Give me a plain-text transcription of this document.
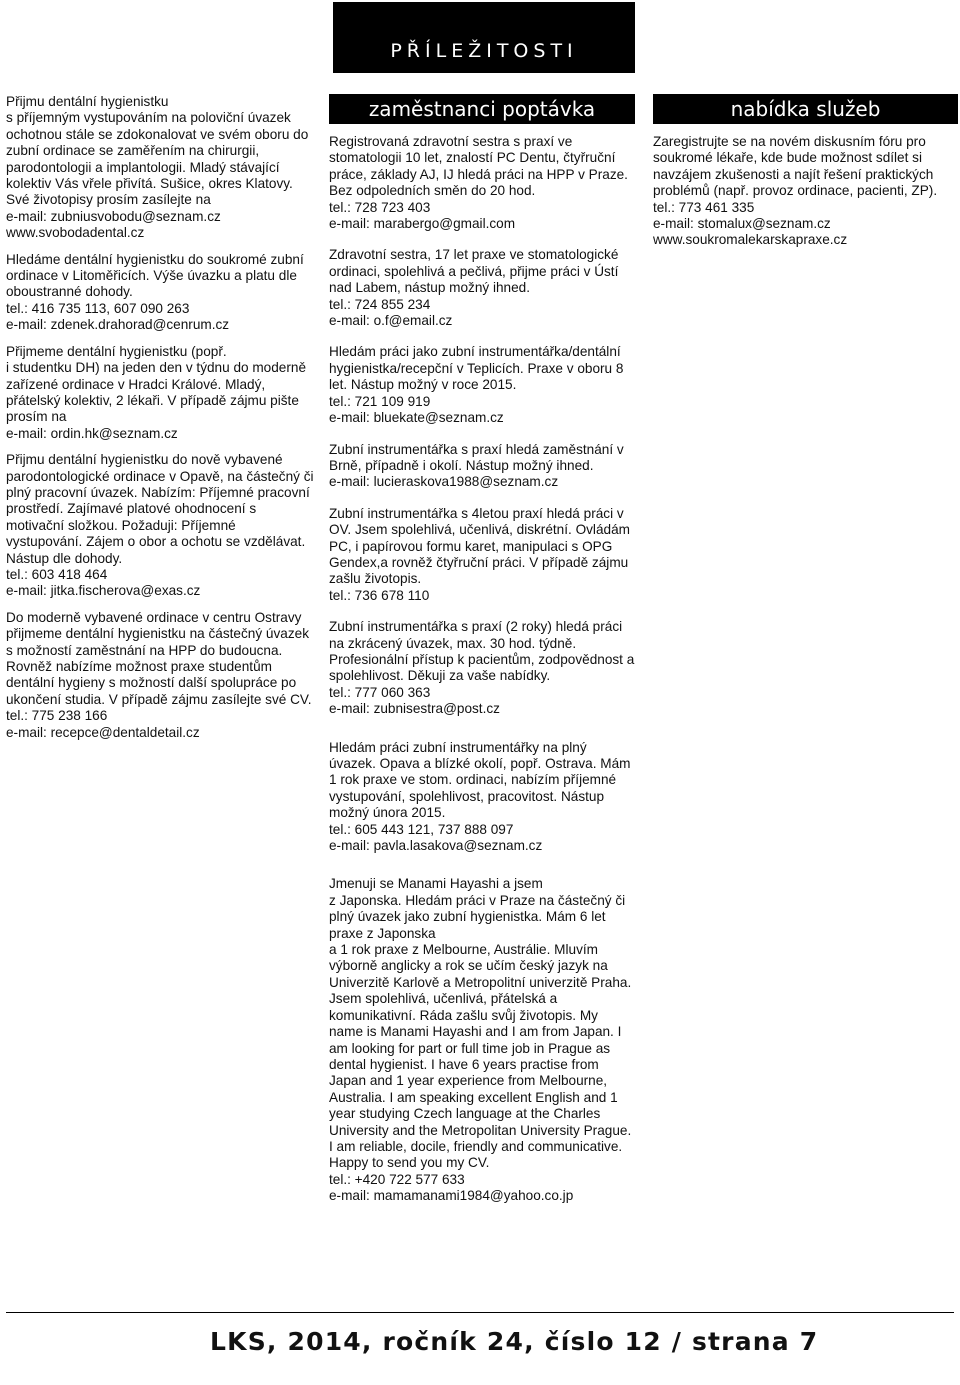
PŘÍLEŽITOSTI

Přijmu dentální hygienistku
s příjemným vystupováním na poloviční úvazek ochotnou stále se zdokonalovat ve svém oboru do zubní ordinace se zaměřením na chirurgii, parodontologii a implantologii. Mladý stávající kolektiv Vás vřele přivítá. Sušice, okres Klatovy. Své životopisy prosím zasílejte na
e-mail: zubniusvobodu@seznam.cz
www.svobodadental.cz

Hledáme dentální hygienistku do soukromé zubní ordinace v Litoměřicích. Výše úvazku a platu dle oboustranné dohody.
tel.: 416 735 113, 607 090 263
e-mail: zdenek.drahorad@cenrum.cz

Přijmeme dentální hygienistku (popř.
i studentku DH) na jeden den v týdnu do moderně zařízené ordinace v Hradci Králové. Mladý, přátelský kolektiv, 2 lékaři. V případě zájmu pište prosím na
e-mail: ordin.hk@seznam.cz

Přijmu dentální hygienistku do nově vybavené parodontologické ordinace v Opavě, na částečný či plný pracovní úvazek. Nabízím: Příjemné pracovní prostředí. Zajímavé platové ohodnocení s motivační složkou. Požaduji: Příjemné vystupování. Zájem o obor a ochotu se vzdělávat. Nástup dle dohody.
tel.: 603 418 464
e-mail: jitka.fischerova@exas.cz

Do moderně vybavené ordinace v centru Ostravy přijmeme dentální hygienistku na částečný úvazek s možností zaměstnání na HPP do budoucna. Rovněž nabízíme možnost praxe studentům dentální hygieny s možností další spolupráce po ukončení studia. V případě zájmu zasílejte své CV.
tel.: 775 238 166
e-mail: recepce@dentaldetail.cz

zaměstnanci poptávka

Registrovaná zdravotní sestra s praxí ve stomatologii 10 let, znalostí PC Dentu, čtyřruční práce, základy AJ, IJ hledá práci na HPP v Praze. Bez odpoledních směn do 20 hod.
tel.: 728 723 403
e-mail: marabergo@gmail.com

Zdravotní sestra, 17 let praxe ve stomatologické ordinaci, spolehlivá a pečlivá, přijme práci v Ústí nad Labem, nástup možný ihned.
tel.: 724 855 234
e-mail: o.f@email.cz

Hledám práci jako zubní instrumentářka/dentální hygienistka/recepční v Teplicích. Praxe v oboru 8 let. Nástup možný v roce 2015.
tel.: 721 109 919
e-mail: bluekate@seznam.cz

Zubní instrumentářka s praxí hledá zaměstnání v Brně, případně i okolí. Nástup možný ihned.
e-mail: lucieraskova1988@seznam.cz

Zubní instrumentářka s 4letou praxí hledá práci v OV. Jsem spolehlivá, učenlivá, diskrétní. Ovládám PC, i papírovou formu karet, manipulaci s OPG Gendex,a rovněž čtyřruční práci. V případě zájmu zašlu životopis.
tel.: 736 678 110

Zubní instrumentářka s praxí (2 roky) hledá práci na zkrácený úvazek, max. 30 hod. týdně. Profesionální přístup k pacientům, zodpovědnost a spolehlivost. Děkuji za vaše nabídky.
tel.: 777 060 363
e-mail: zubnisestra@post.cz

Hledám práci zubní instrumentářky na plný úvazek. Opava a blízké okolí, popř. Ostrava. Mám 1 rok praxe ve stom. ordinaci, nabízím příjemné vystupování, spolehlivost, pracovitost. Nástup možný února 2015.
tel.: 605 443 121, 737 888 097
e-mail: pavla.lasakova@seznam.cz

Jmenuji se Manami Hayashi a jsem
z Japonska. Hledám práci v Praze na částečný či plný úvazek jako zubní hygienistka. Mám 6 let praxe z Japonska
a 1 rok praxe z Melbourne, Austrálie. Mluvím výborně anglicky a rok se učím český jazyk na Univerzitě Karlově a Metropolitní univerzitě Praha. Jsem spolehlivá, učenlivá, přátelská a komunikativní. Ráda zašlu svůj životopis. My name is Manami Hayashi and I am from Japan. I am looking for part or full time job in Prague as dental hygienist. I have 6 years practise from Japan and 1 year experience from Melbourne, Australia. I am speaking excellent English and 1 year studying Czech language at the Charles University and the Metropolitan University Prague. I am reliable, docile, friendly and communicative. Happy to send you my CV.
tel.: +420 722 577 633
e-mail: mamamanami1984@yahoo.co.jp

nabídka služeb

Zaregistrujte se na novém diskusním fóru pro soukromé lékaře, kde bude možnost sdílet si navzájem zkušenosti a najít řešení praktických problémů (např. provoz ordinace, pacienti, ZP).
tel.: 773 461 335
e-mail: stomalux@seznam.cz
www.soukromalekarskapraxe.cz

LKS, 2014, ročník 24, číslo 12 / strana 7
